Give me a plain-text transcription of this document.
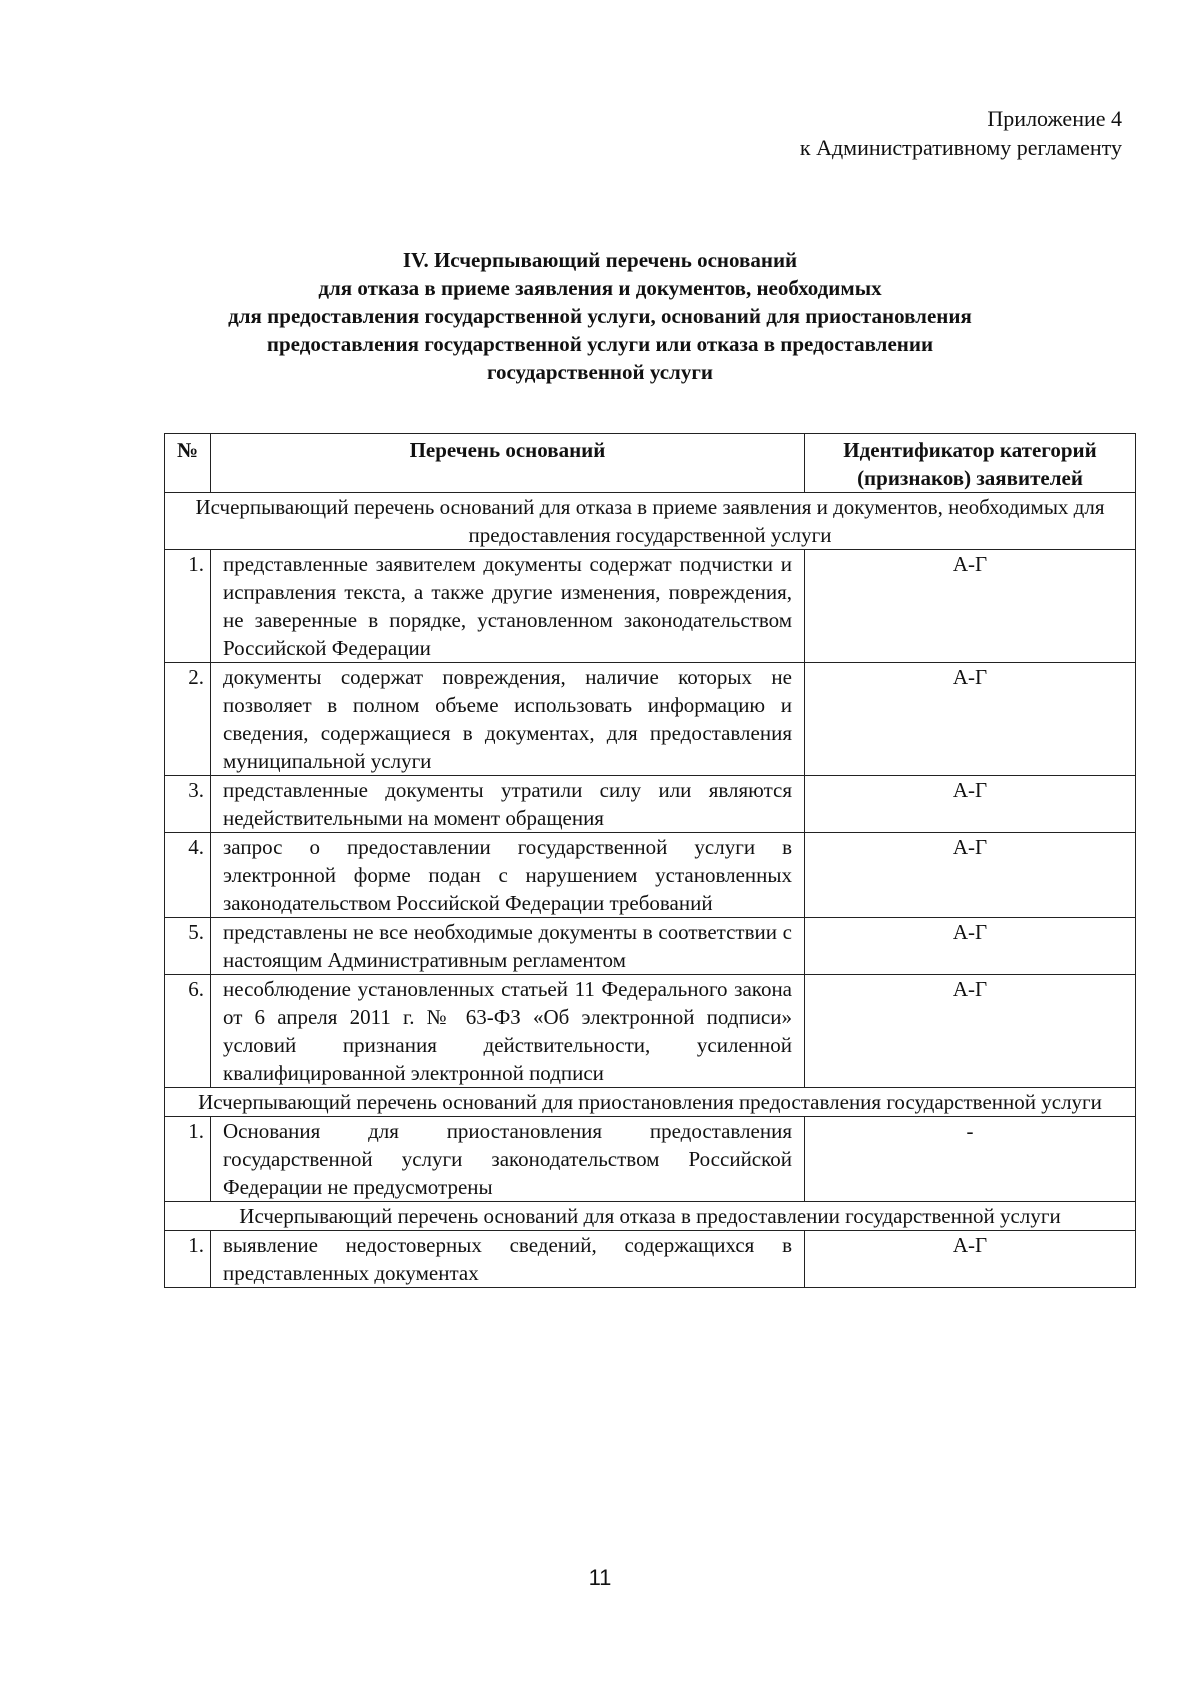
Приложение 4
к Административному регламенту
IV. Исчерпывающий перечень оснований
для отказа в приеме заявления и документов, необходимых
для предоставления государственной услуги, оснований для приостановления
предоставления государственной услуги или отказа в предоставлении
государственной услуги
№	Перечень оснований	Идентификатор категорий (признаков) заявителей
Исчерпывающий перечень оснований для отказа в приеме заявления и документов, необходимых для предоставления государственной услуги		
1.	представленные заявителем документы содержат подчистки и исправления текста, а также другие изменения, повреждения, не заверенные в порядке, установленном законодательством Российской Федерации	А-Г
2.	документы содержат повреждения, наличие которых не позволяет в полном объеме использовать информацию и сведения, содержащиеся в документах, для предоставления муниципальной услуги	А-Г
3.	представленные документы утратили силу или являются недействительными на момент обращения	А-Г
4.	запрос о предоставлении государственной услуги в электронной форме подан с нарушением установленных законодательством Российской Федерации требований	А-Г
5.	представлены не все необходимые документы в соответствии с настоящим Административным регламентом	А-Г
6.	несоблюдение установленных статьей 11 Федерального закона от 6 апреля 2011 г. № 63-ФЗ «Об электронной подписи» условий признания действительности, усиленной квалифицированной электронной подписи	А-Г
Исчерпывающий перечень оснований для приостановления предоставления государственной услуги		
1.	Основания для приостановления предоставления государственной услуги законодательством Российской Федерации не предусмотрены	-
Исчерпывающий перечень оснований для отказа в предоставлении государственной услуги		
1.	выявление недостоверных сведений, содержащихся в представленных документах	А-Г
11
